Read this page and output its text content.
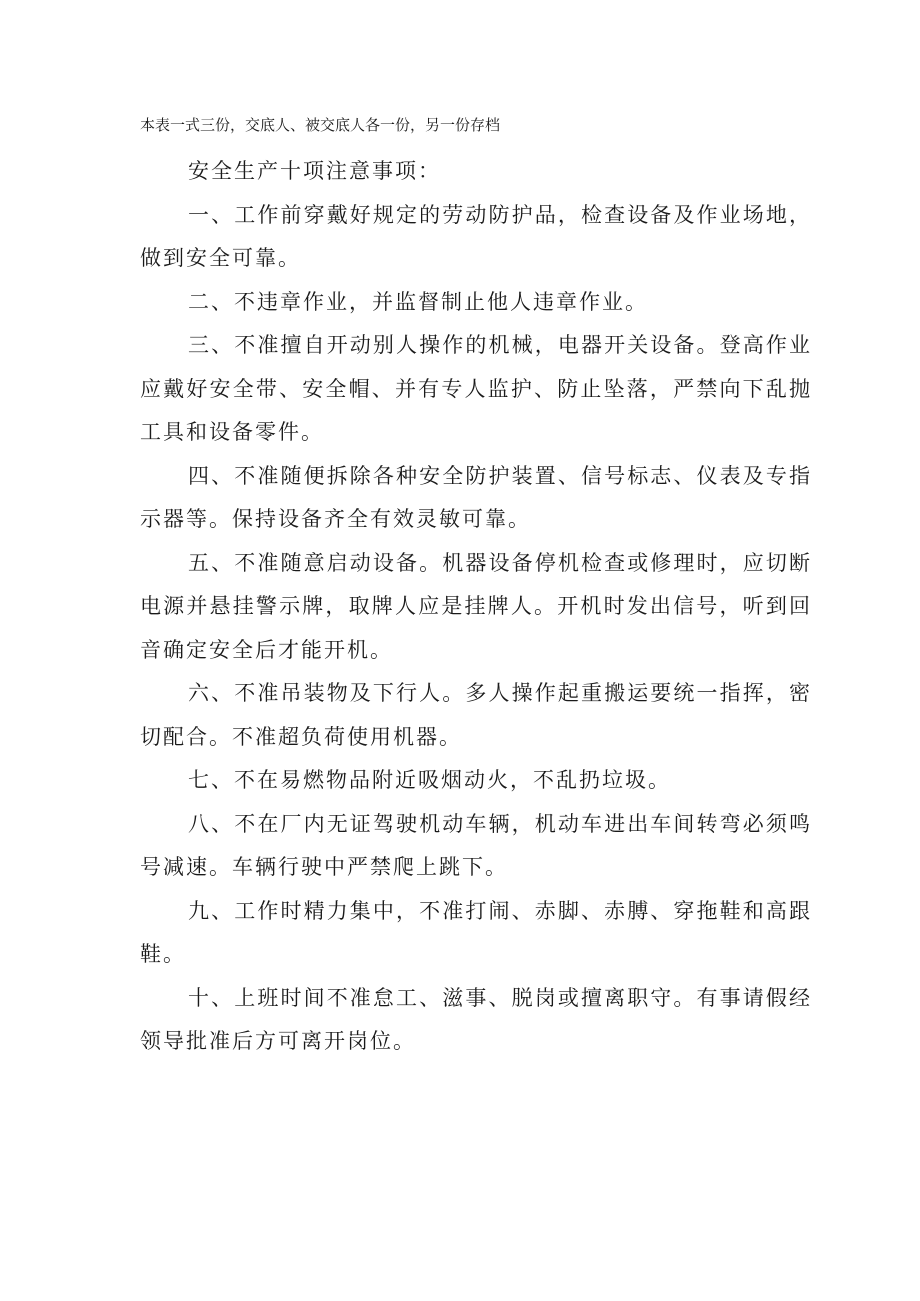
本表一式三份，交底人、被交底人各一份，另一份存档

安全生产十项注意事项：

一、工作前穿戴好规定的劳动防护品，检查设备及作业场地，做到安全可靠。

二、不违章作业，并监督制止他人违章作业。

三、不准擅自开动别人操作的机械，电器开关设备。登高作业应戴好安全带、安全帽、并有专人监护、防止坠落，严禁向下乱抛工具和设备零件。

四、不准随便拆除各种安全防护装置、信号标志、仪表及专指示器等。保持设备齐全有效灵敏可靠。

五、不准随意启动设备。机器设备停机检查或修理时，应切断电源并悬挂警示牌，取牌人应是挂牌人。开机时发出信号，听到回音确定安全后才能开机。

六、不准吊装物及下行人。多人操作起重搬运要统一指挥，密切配合。不准超负荷使用机器。

七、不在易燃物品附近吸烟动火，不乱扔垃圾。

八、不在厂内无证驾驶机动车辆，机动车进出车间转弯必须鸣号减速。车辆行驶中严禁爬上跳下。

九、工作时精力集中，不准打闹、赤脚、赤膊、穿拖鞋和高跟鞋。

十、上班时间不准怠工、滋事、脱岗或擅离职守。有事请假经领导批准后方可离开岗位。
